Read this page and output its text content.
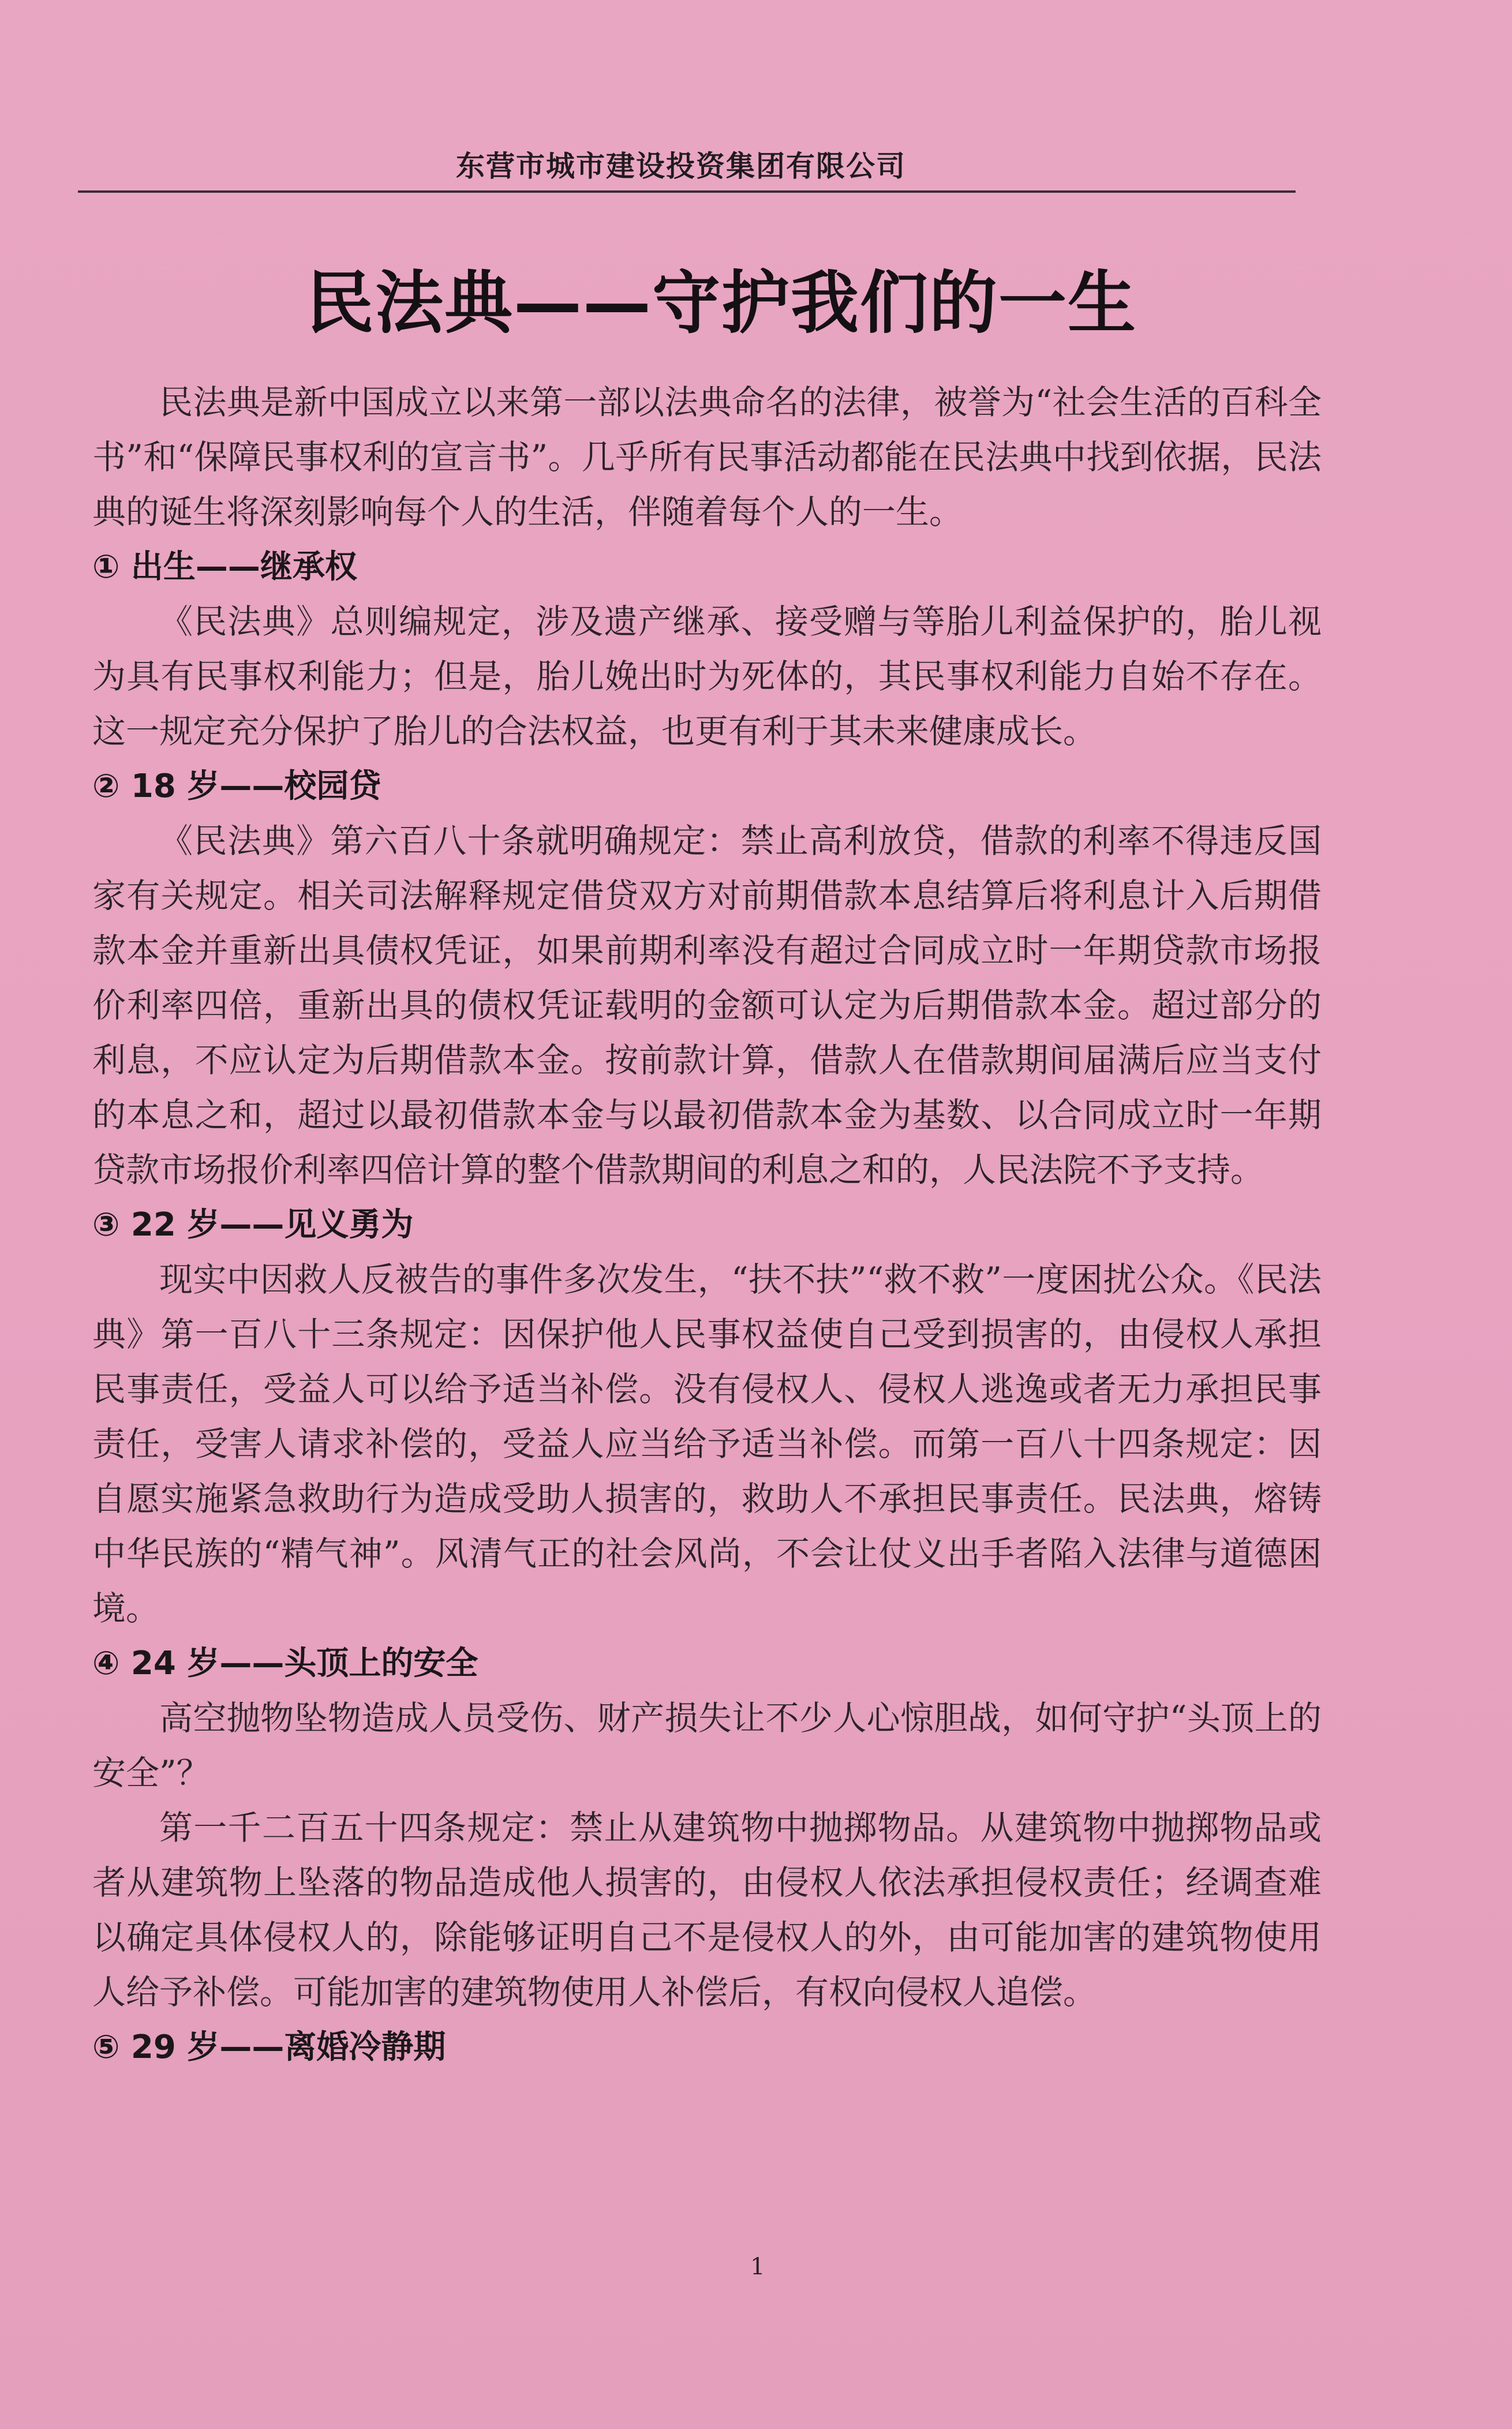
东营市城市建设投资集团有限公司
民法典——守护我们的一生

民法典是新中国成立以来第一部以法典命名的法律，被誉为“社会生活的百科全书”和“保障民事权利的宣言书”。几乎所有民事活动都能在民法典中找到依据，民法典的诞生将深刻影响每个人的生活，伴随着每个人的一生。

① 出生——继承权

《民法典》总则编规定，涉及遗产继承、接受赠与等胎儿利益保护的，胎儿视为具有民事权利能力；但是，胎儿娩出时为死体的，其民事权利能力自始不存在。这一规定充分保护了胎儿的合法权益，也更有利于其未来健康成长。

② 18 岁——校园贷

《民法典》第六百八十条就明确规定：禁止高利放贷，借款的利率不得违反国家有关规定。相关司法解释规定借贷双方对前期借款本息结算后将利息计入后期借款本金并重新出具债权凭证，如果前期利率没有超过合同成立时一年期贷款市场报价利率四倍，重新出具的债权凭证载明的金额可认定为后期借款本金。超过部分的利息，不应认定为后期借款本金。按前款计算，借款人在借款期间届满后应当支付的本息之和，超过以最初借款本金与以最初借款本金为基数、以合同成立时一年期贷款市场报价利率四倍计算的整个借款期间的利息之和的，人民法院不予支持。

③ 22 岁——见义勇为

现实中因救人反被告的事件多次发生，“扶不扶”“救不救”一度困扰公众。《民法典》第一百八十三条规定：因保护他人民事权益使自己受到损害的，由侵权人承担民事责任，受益人可以给予适当补偿。没有侵权人、侵权人逃逸或者无力承担民事责任，受害人请求补偿的，受益人应当给予适当补偿。而第一百八十四条规定：因自愿实施紧急救助行为造成受助人损害的，救助人不承担民事责任。民法典，熔铸中华民族的“精气神”。风清气正的社会风尚，不会让仗义出手者陷入法律与道德困境。

④ 24 岁——头顶上的安全

高空抛物坠物造成人员受伤、财产损失让不少人心惊胆战，如何守护“头顶上的安全”？

第一千二百五十四条规定：禁止从建筑物中抛掷物品。从建筑物中抛掷物品或者从建筑物上坠落的物品造成他人损害的，由侵权人依法承担侵权责任；经调查难以确定具体侵权人的，除能够证明自己不是侵权人的外，由可能加害的建筑物使用人给予补偿。可能加害的建筑物使用人补偿后，有权向侵权人追偿。

⑤ 29 岁——离婚冷静期

1
